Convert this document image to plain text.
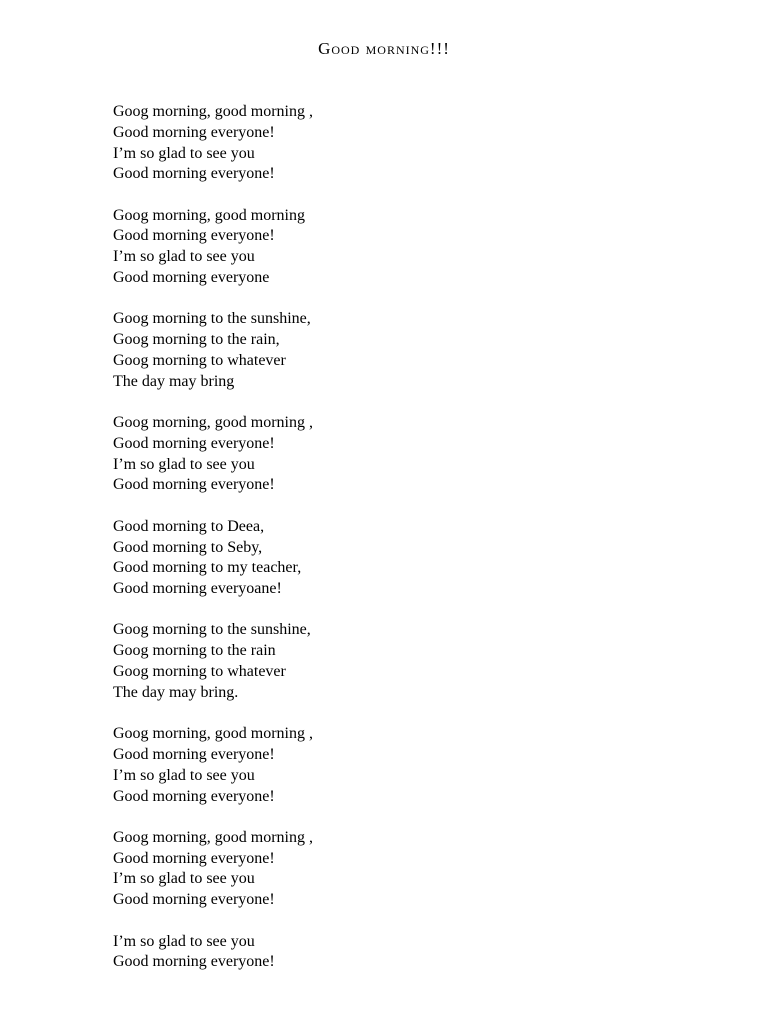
Good morning!!!
Goog morning, good morning ,
Good morning everyone!
I’m so glad to see you
Good morning everyone!
Goog morning, good morning
Good morning everyone!
I’m so glad to see you
Good morning everyone
Goog morning to the sunshine,
Goog morning to the rain,
Goog morning to whatever
The day may bring
Goog morning, good morning ,
Good morning everyone!
I’m so glad to see you
Good morning everyone!
Good morning to Deea,
Good morning to Seby,
Good morning to my teacher,
Good morning everyoane!
Goog morning to the sunshine,
Goog morning to the rain
Goog morning to whatever
The day may bring.
Goog morning, good morning ,
Good morning everyone!
I’m so glad to see you
Good morning everyone!
Goog morning, good morning ,
Good morning everyone!
I’m so glad to see you
Good morning everyone!
I’m so glad to see you
Good morning everyone!
